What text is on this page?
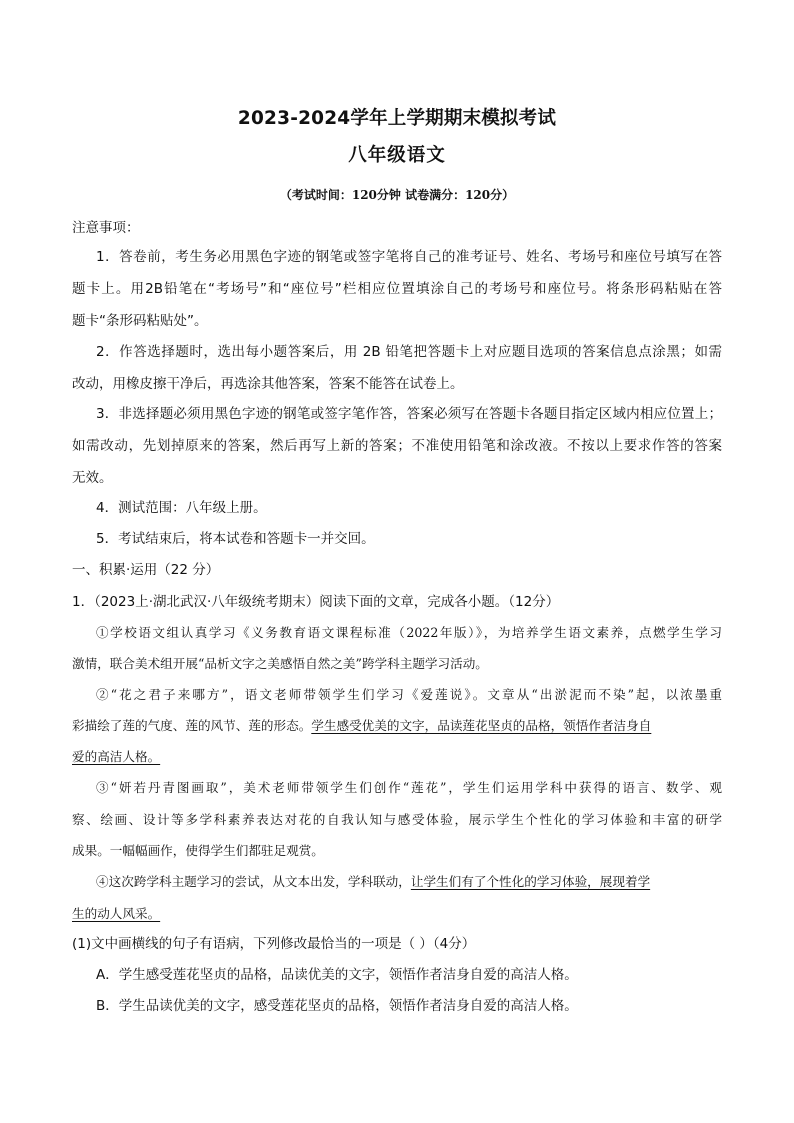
2023-2024学年上学期期末模拟考试
八年级语文
（考试时间：120分钟 试卷满分：120分）
注意事项：
1．答卷前，考生务必用黑色字迹的钢笔或签字笔将自己的准考证号、姓名、考场号和座位号填写在答
题卡上。用2B铅笔在“考场号”和“座位号”栏相应位置填涂自己的考场号和座位号。将条形码粘贴在答
题卡“条形码粘贴处”。
2．作答选择题时，选出每小题答案后，用 2B 铅笔把答题卡上对应题目选项的答案信息点涂黑；如需
改动，用橡皮擦干净后，再选涂其他答案，答案不能答在试卷上。
3．非选择题必须用黑色字迹的钢笔或签字笔作答，答案必须写在答题卡各题目指定区域内相应位置上；
如需改动，先划掉原来的答案，然后再写上新的答案；不准使用铅笔和涂改液。不按以上要求作答的答案
无效。
4．测试范围：八年级上册。
5．考试结束后，将本试卷和答题卡一并交回。
一、积累·运用（22 分）
1．（2023上·湖北武汉·八年级统考期末）阅读下面的文章，完成各小题。（12分）
①学校语文组认真学习《义务教育语文课程标准（2022年版）》，为培养学生语文素养，点燃学生学习
激情，联合美术组开展“品析文字之美感悟自然之美”跨学科主题学习活动。
②“花之君子来哪方”，语文老师带领学生们学习《爱莲说》。文章从“出淤泥而不染”起，以浓墨重
彩描绘了莲的气度、莲的风节、莲的形态。学生感受优美的文字，品读莲花坚贞的品格，领悟作者洁身自
爱的高洁人格。
③“妍若丹青图画取”，美术老师带领学生们创作“莲花”，学生们运用学科中获得的语言、数学、观
察、绘画、设计等多学科素养表达对花的自我认知与感受体验，展示学生个性化的学习体验和丰富的研学
成果。一幅幅画作，使得学生们都驻足观赏。
④这次跨学科主题学习的尝试，从文本出发，学科联动，让学生们有了个性化的学习体验，展现着学
生的动人风采。
(1)文中画横线的句子有语病，下列修改最恰当的一项是（ ）（4分）
A．学生感受莲花坚贞的品格，品读优美的文字，领悟作者洁身自爱的高洁人格。
B．学生品读优美的文字，感受莲花坚贞的品格，领悟作者洁身自爱的高洁人格。
